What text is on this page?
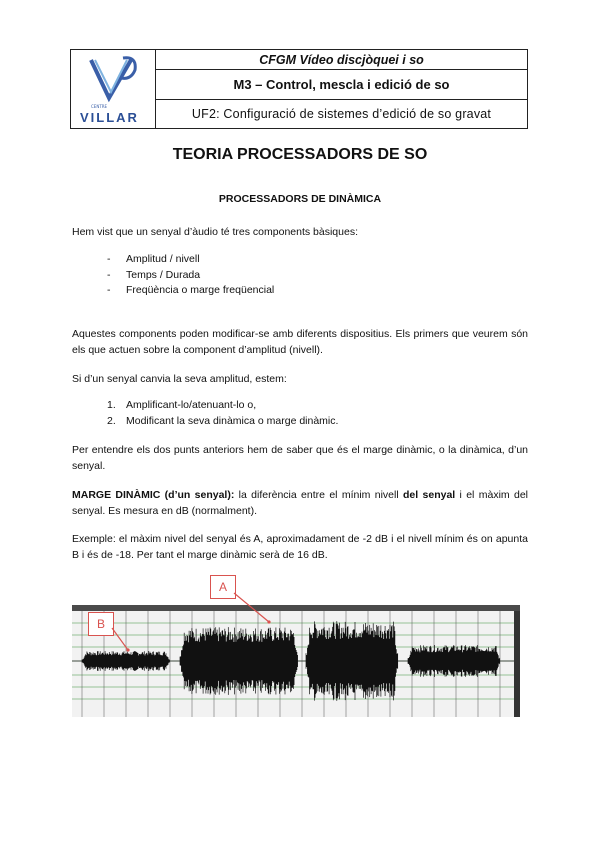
CENTRE
VILLAR
CFGM Vídeo discjòquei i so
M3 – Control, mescla i edició de so
UF2: Configuració de sistemes d’edició de so gravat
TEORIA PROCESSADORS DE SO
PROCESSADORS DE DINÀMICA
Hem vist que un senyal d’àudio té tres components bàsiques:
-	Amplitud / nivell
-	Temps / Durada
-	Freqüència o marge freqüencial
Aquestes components poden modificar-se amb diferents dispositius. Els primers que veurem són els que actuen sobre la component d’amplitud (nivell).
Si d’un senyal canvia la seva amplitud, estem:
1. Amplificant-lo/atenuant-lo o,
2. Modificant la seva dinàmica o marge dinàmic.
Per entendre els dos punts anteriors hem de saber que és el marge dinàmic, o la dinàmica, d’un senyal.
MARGE DINÀMIC (d’un senyal): la diferència entre el mínim nivell del senyal i el màxim del senyal. Es mesura en dB (normalment).
Exemple: el màxim nivel del senyal és A, aproximadament de -2 dB i el nivell mínim és on apunta B i és de -18. Per tant el marge dinàmic serà de 16 dB.
A
B
